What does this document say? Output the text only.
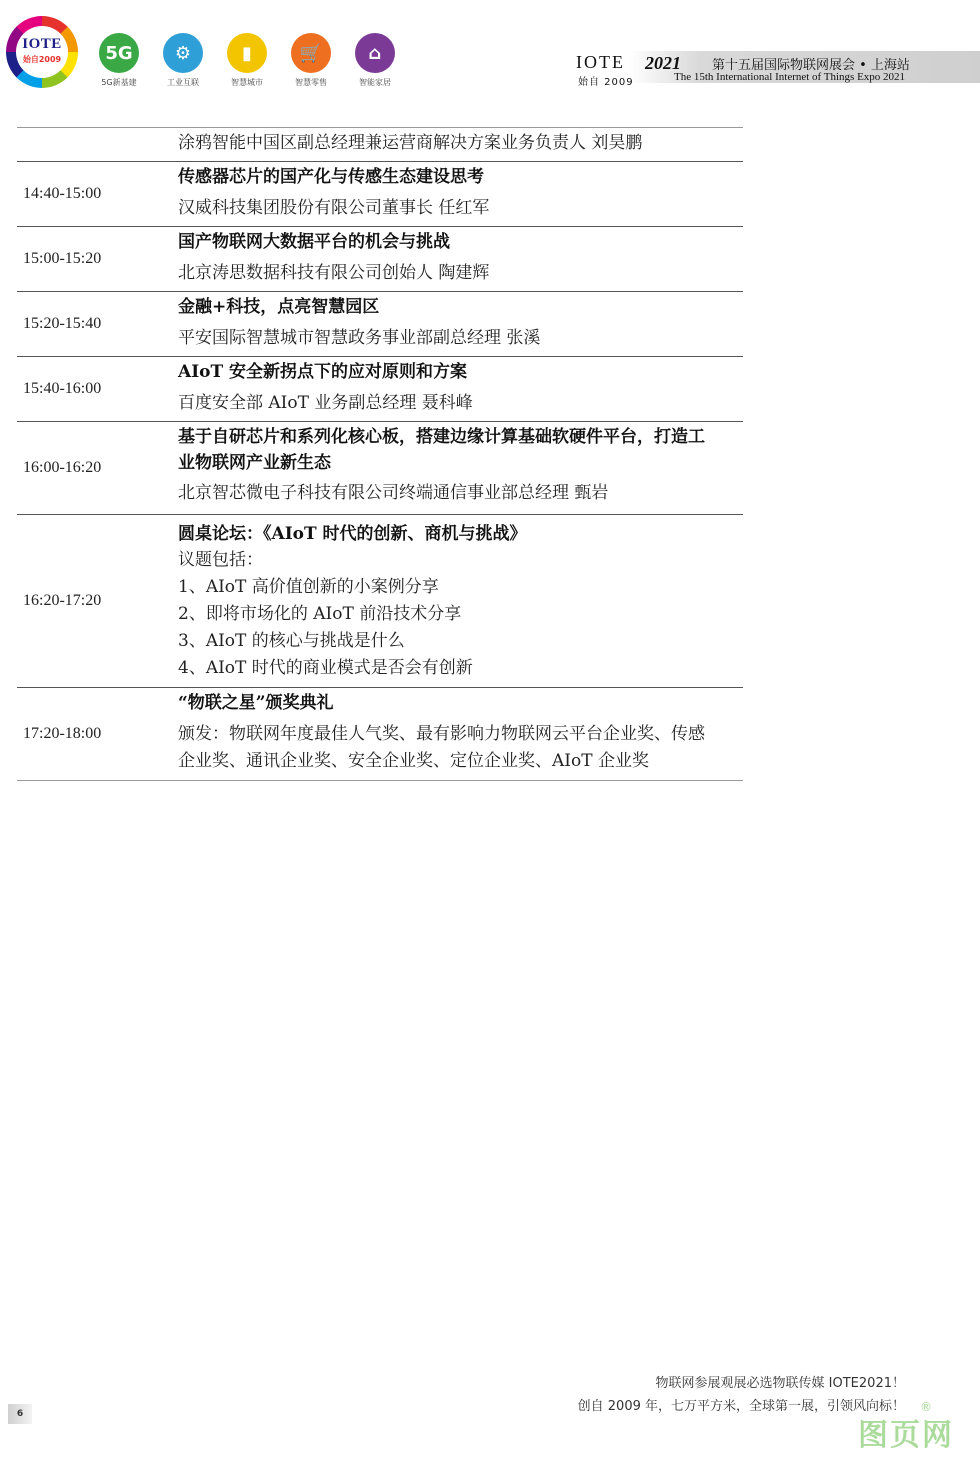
IOTE
始自2009	5G
5G新基建
⚙
工业互联
▮
智慧城市
🛒
智慧零售
⌂
智能家居
IOTE
始自 2009
2021 第十五届国际物联网展会 • 上海站
The 15th International Internet of Things Expo 2021
涂鸦智能中国区副总经理兼运营商解决方案业务负责人 刘昊鹏
14:40-15:00
传感器芯片的国产化与传感生态建设思考
汉威科技集团股份有限公司董事长 任红军
15:00-15:20
国产物联网大数据平台的机会与挑战
北京涛思数据科技有限公司创始人 陶建辉
15:20-15:40
金融+科技，点亮智慧园区
平安国际智慧城市智慧政务事业部副总经理 张溪
15:40-16:00
AIoT 安全新拐点下的应对原则和方案
百度安全部 AIoT 业务副总经理 聂科峰
16:00-16:20
基于自研芯片和系列化核心板，搭建边缘计算基础软硬件平台，打造工
业物联网产业新生态
北京智芯微电子科技有限公司终端通信事业部总经理 甄岩
16:20-17:20
圆桌论坛：《AIoT 时代的创新、商机与挑战》
议题包括：
1、AIoT 高价值创新的小案例分享
2、即将市场化的 AIoT 前沿技术分享
3、AIoT 的核心与挑战是什么
4、AIoT 时代的商业模式是否会有创新
17:20-18:00
“物联之星”颁奖典礼
颁发：物联网年度最佳人气奖、最有影响力物联网云平台企业奖、传感
企业奖、通讯企业奖、安全企业奖、定位企业奖、AIoT 企业奖
物联网参展观展必选物联传媒 IOTE2021！
创自 2009 年，七万平方米，全球第一展，引领风向标！
6
图页网
®
